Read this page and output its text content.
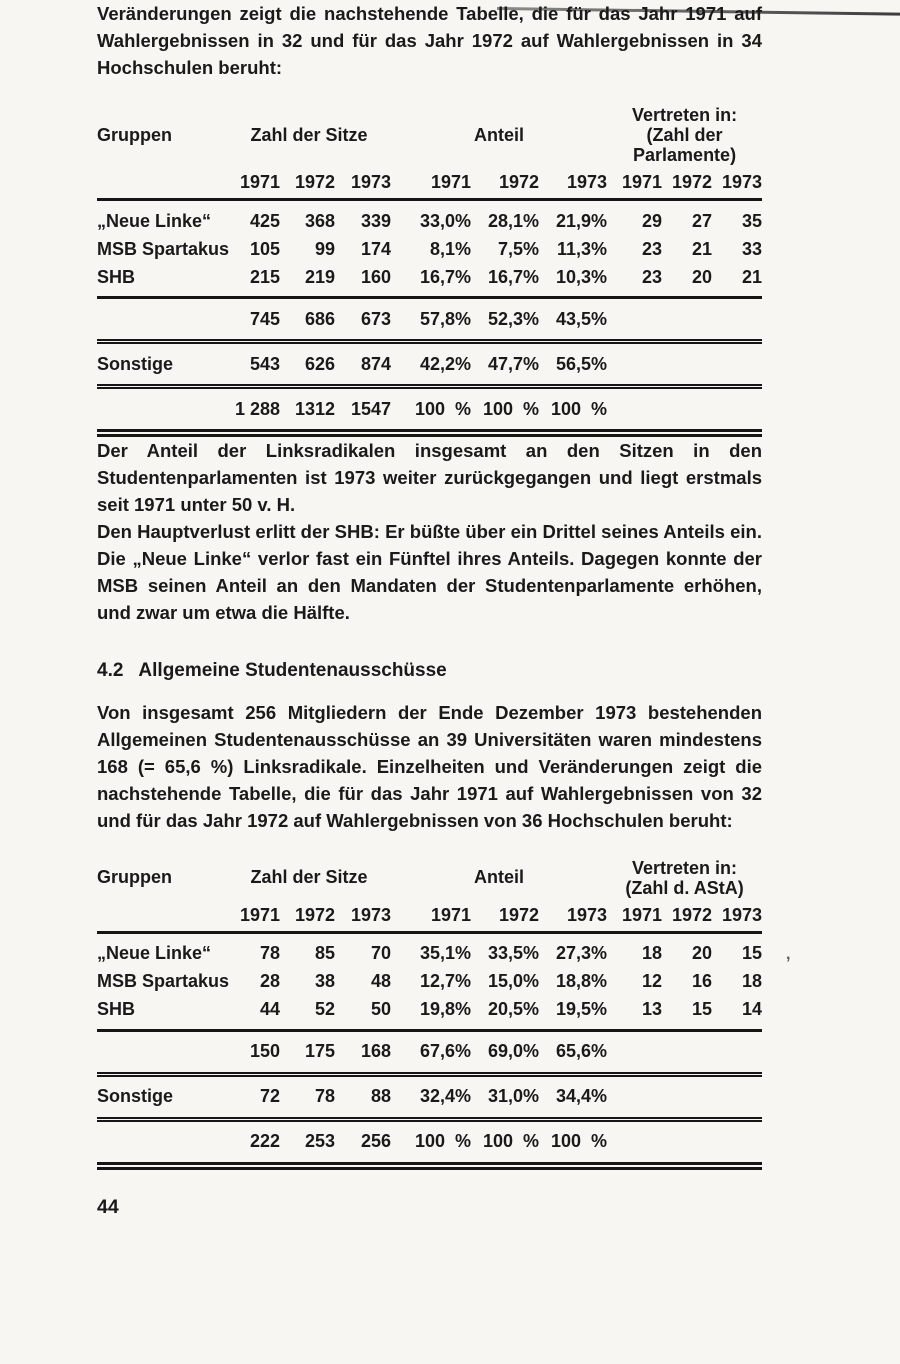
,

Veränderungen zeigt die nachstehende Tabelle, die für das Jahr 1971 auf Wahlergebnissen in 32 und für das Jahr 1972 auf Wahlergebnissen in 34 Hochschulen beruht:

Gruppen	Zahl der Sitze			Anteil			Vertreten in:
(Zahl der
Parlamente)		

	1971	1972	1973	1971	1972	1973	1971	1972	1973
„Neue Linke“	425	368	339	33,0%	28,1%	21,9%	29	27	35
MSB Spartakus	105	99	174	8,1%	7,5%	11,3%	23	21	33
SHB	215	219	160	16,7%	16,7%	10,3%	23	20	21
	745	686	673	57,8%	52,3%	43,5%			
Sonstige	543	626	874	42,2%	47,7%	56,5%			
	1 288	1312	1547	100  %	100  %	100  %			

Der Anteil der Linksradikalen insgesamt an den Sitzen in den Studentenparlamenten ist 1973 weiter zurückgegangen und liegt erstmals seit 1971 unter 50 v. H.

Den Hauptverlust erlitt der SHB: Er büßte über ein Drittel seines Anteils ein. Die „Neue Linke“ verlor fast ein Fünftel ihres Anteils. Dagegen konnte der MSB seinen Anteil an den Mandaten der Studentenparlamente erhöhen, und zwar um etwa die Hälfte.

4.2 Allgemeine Studentenausschüsse

Von insgesamt 256 Mitgliedern der Ende Dezember 1973 bestehenden Allgemeinen Studentenausschüsse an 39 Universitäten waren mindestens 168 (= 65,6 %) Linksradikale. Einzelheiten und Veränderungen zeigt die nachstehende Tabelle, die für das Jahr 1971 auf Wahlergebnissen von 32 und für das Jahr 1972 auf Wahlergebnissen von 36 Hochschulen beruht:

Gruppen	Zahl der Sitze			Anteil			Vertreten in:
(Zahl d. AStA)		

	1971	1972	1973	1971	1972	1973	1971	1972	1973
„Neue Linke“	78	85	70	35,1%	33,5%	27,3%	18	20	15
MSB Spartakus	28	38	48	12,7%	15,0%	18,8%	12	16	18
SHB	44	52	50	19,8%	20,5%	19,5%	13	15	14
	150	175	168	67,6%	69,0%	65,6%			
Sonstige	72	78	88	32,4%	31,0%	34,4%			
	222	253	256	100  %	100  %	100  %			
44
